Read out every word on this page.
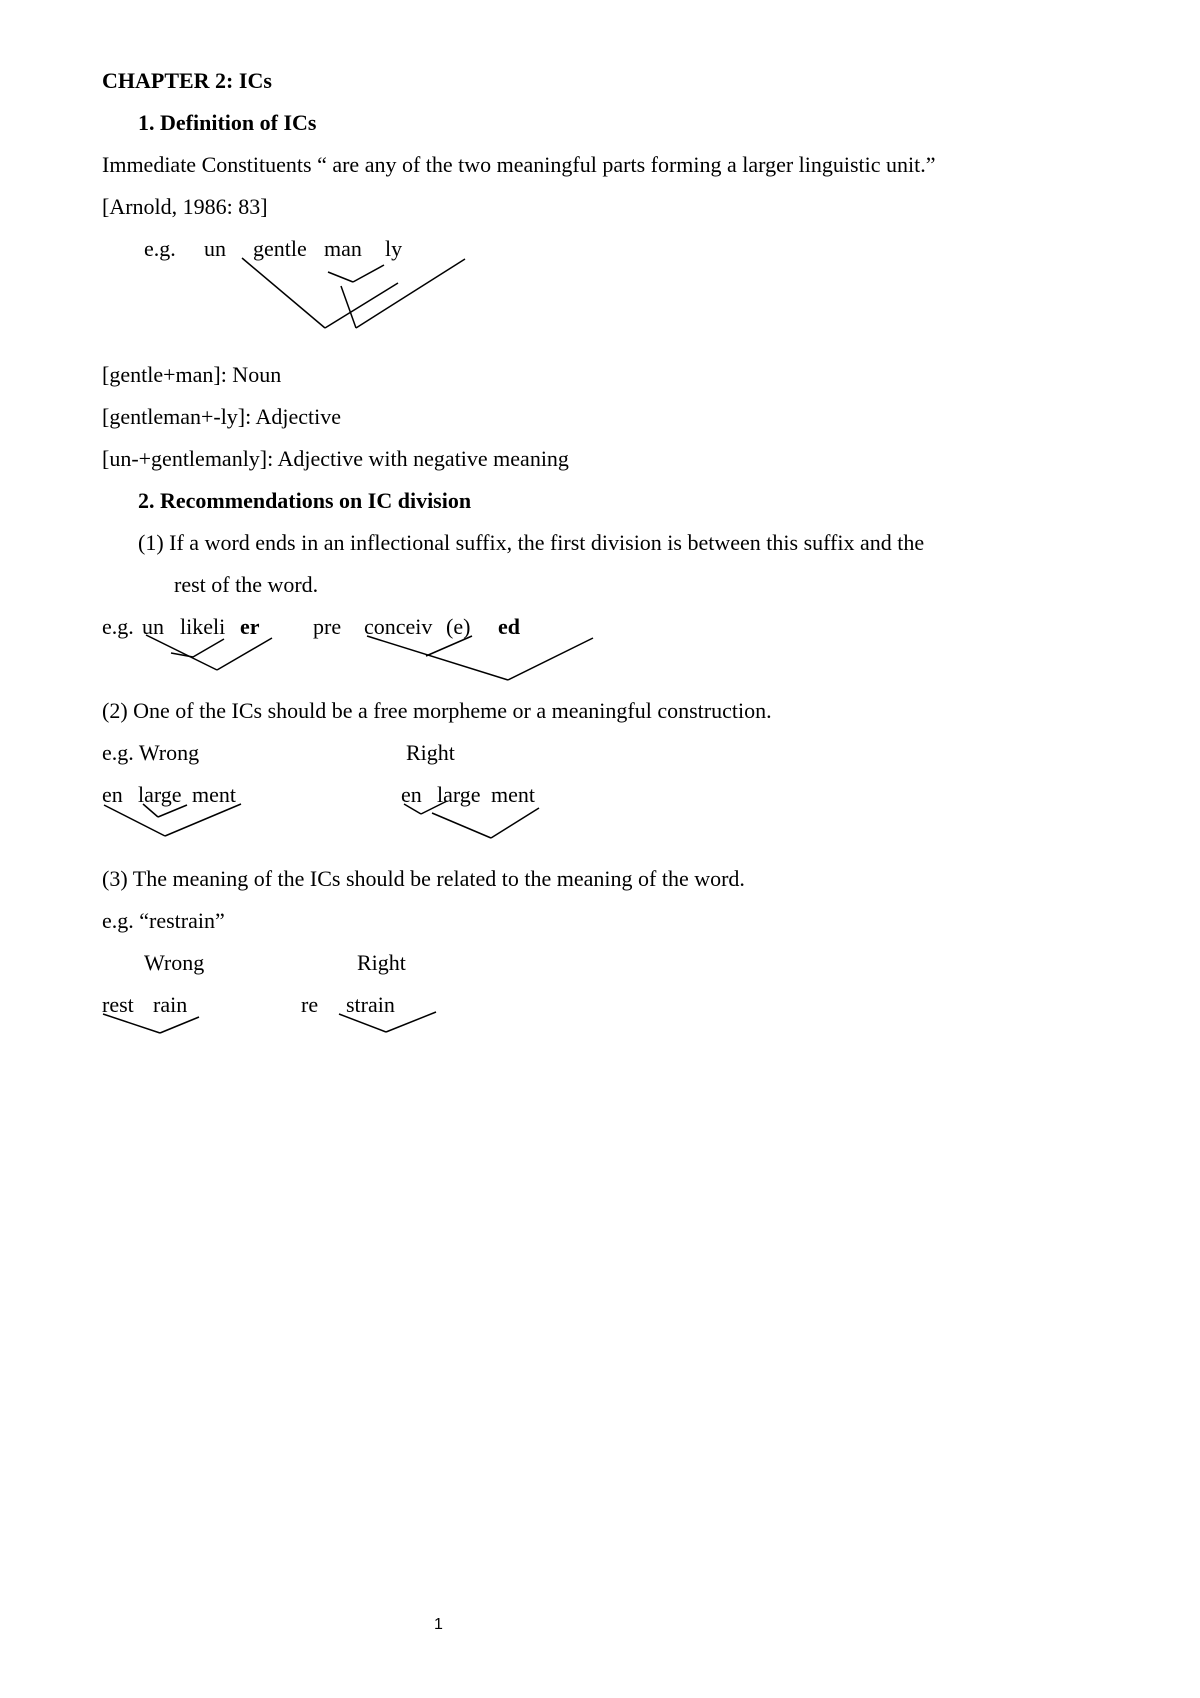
CHAPTER 2: ICs
1. Definition of ICs
Immediate Constituents “ are any of the two meaningful parts forming a larger linguistic unit.”
[Arnold, 1986: 83]
e.g. un gentle man ly
[gentle+man]: Noun
[gentleman+-ly]: Adjective
[un-+gentlemanly]: Adjective with negative meaning
2. Recommendations on IC division
(1) If a word ends in an inflectional suffix, the first division is between this suffix and the
rest of the word.
e.g. un likeli er pre conceiv (e) ed
(2) One of the ICs should be a free morpheme or a meaningful construction.
e.g. Wrong	Right
en large ment	en large ment
(3) The meaning of the ICs should be related to the meaning of the word.
e.g. “restrain”
Wrong	Right
rest rain	re strain
1
